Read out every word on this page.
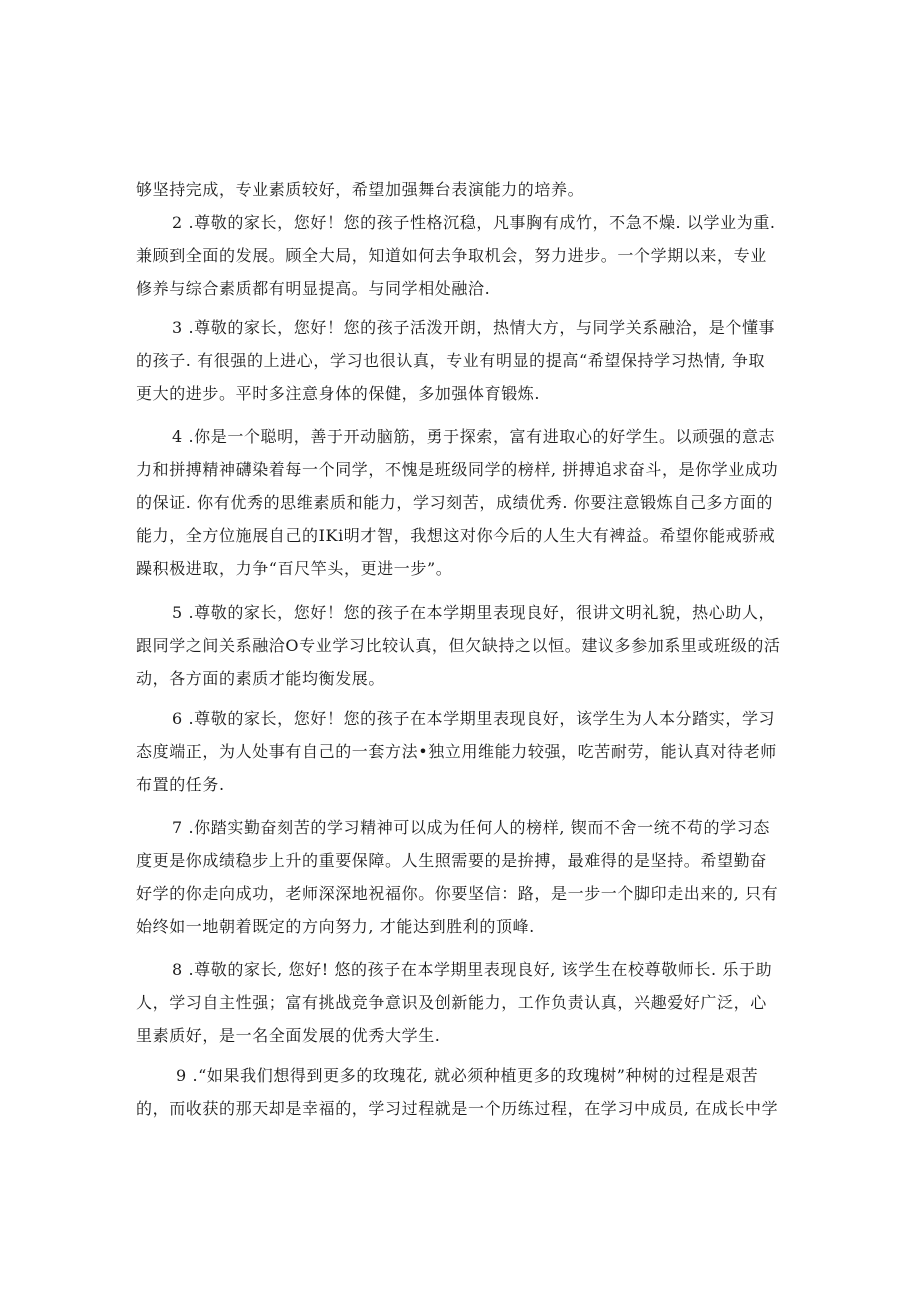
够坚持完成，专业素质较好，希望加强舞台表演能力的培养。

2 .尊敬的家长，您好！您的孩子性格沉稳，凡事胸有成竹，不急不燥. 以学业为重.
兼顾到全面的发展。顾全大局，知道如何去争取机会，努力进步。一个学期以来，专业
修养与综合素质都有明显提高。与同学相处融洽.

3 .尊敬的家长，您好！您的孩子活泼开朗，热情大方，与同学关系融洽，是个懂事
的孩子. 有很强的上进心，学习也很认真，专业有明显的提高“希望保持学习热情, 争取
更大的进步。平时多注意身体的保健，多加强体育锻炼.

4 .你是一个聪明，善于开动脑筋，勇于探索，富有进取心的好学生。以顽强的意志
力和拼搏精神礴染着每一个同学，不愧是班级同学的榜样, 拼搏追求奋斗，是你学业成功
的保证. 你有优秀的思维素质和能力，学习刻苦，成绩优秀. 你要注意锻炼自己多方面的
能力，全方位施展自己的IKi明才智，我想这对你今后的人生大有裨益。希望你能戒骄戒
躁积极进取，力争“百尺竿头，更进一步”。

5 .尊敬的家长，您好！您的孩子在本学期里表现良好，很讲文明礼貌，热心助人，
跟同学之间关系融洽O专业学习比较认真，但欠缺持之以恒。建议多参加系里或班级的活
动，各方面的素质才能均衡发展。

6 .尊敬的家长，您好！您的孩子在本学期里表现良好，该学生为人本分踏实，学习
态度端正，为人处事有自己的一套方法•独立用维能力较强，吃苦耐劳，能认真对待老师
布置的任务.

7 .你踏实勤奋刻苦的学习精神可以成为任何人的榜样, 锲而不舍一统不苟的学习态
度更是你成绩稳步上升的重要保障。人生照需要的是拚搏，最难得的是坚持。希望勤奋
好学的你走向成功，老师深深地祝福你。你要坚信：路，是一步一个脚印走出来的, 只有
始终如一地朝着既定的方向努力, 才能达到胜利的顶峰.

8 .尊敬的家长, 您好! 悠的孩子在本学期里表现良好, 该学生在校尊敬师长. 乐于助
人，学习自主性强；富有挑战竞争意识及创新能力，工作负责认真，兴趣爱好广泛，心
里素质好，是一名全面发展的优秀大学生.

9 .“如果我们想得到更多的玫瑰花, 就必须种植更多的玫瑰树”种树的过程是艰苦
的，而收获的那天却是幸福的，学习过程就是一个历练过程，在学习中成员, 在成长中学
